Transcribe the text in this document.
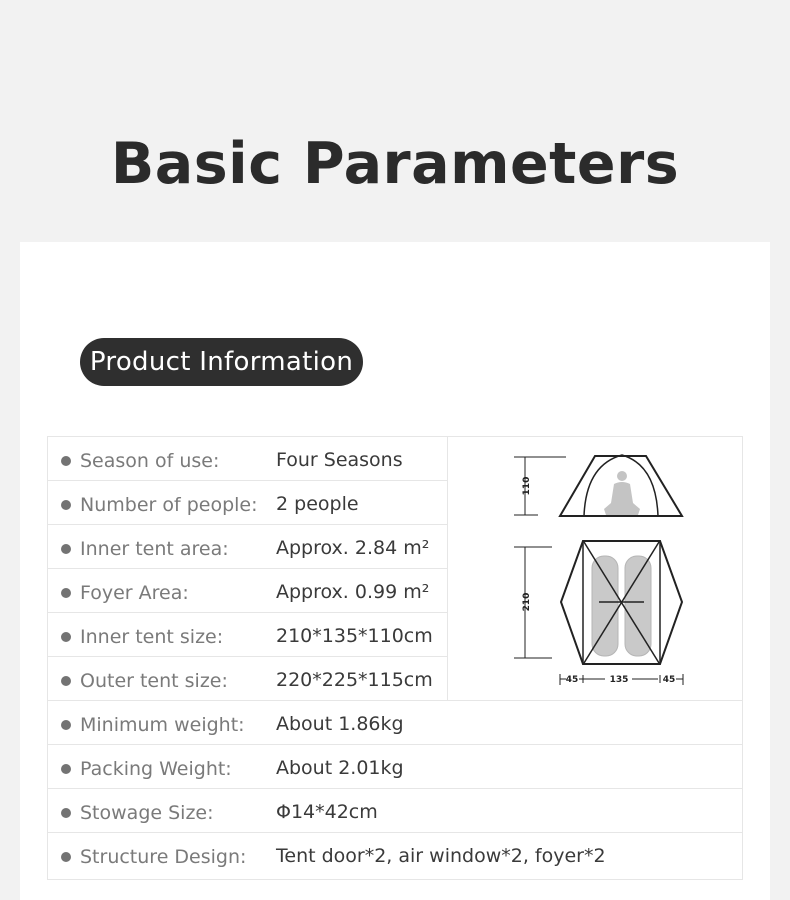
Basic Parameters
Product Information
Season of use:	Four Seasons
Number of people: 2 people
Inner tent area: Approx. 2.84 m²
Foyer Area:	Approx. 0.99 m²
Inner tent size:	210*135*110cm
Outer tent size:	220*225*115cm
Minimum weight: About 1.86kg
Packing Weight: About 2.01kg
Stowage Size:	Φ14*42cm
Structure Design: Tent door*2, air window*2, foyer*2
110
210
45	135	45
